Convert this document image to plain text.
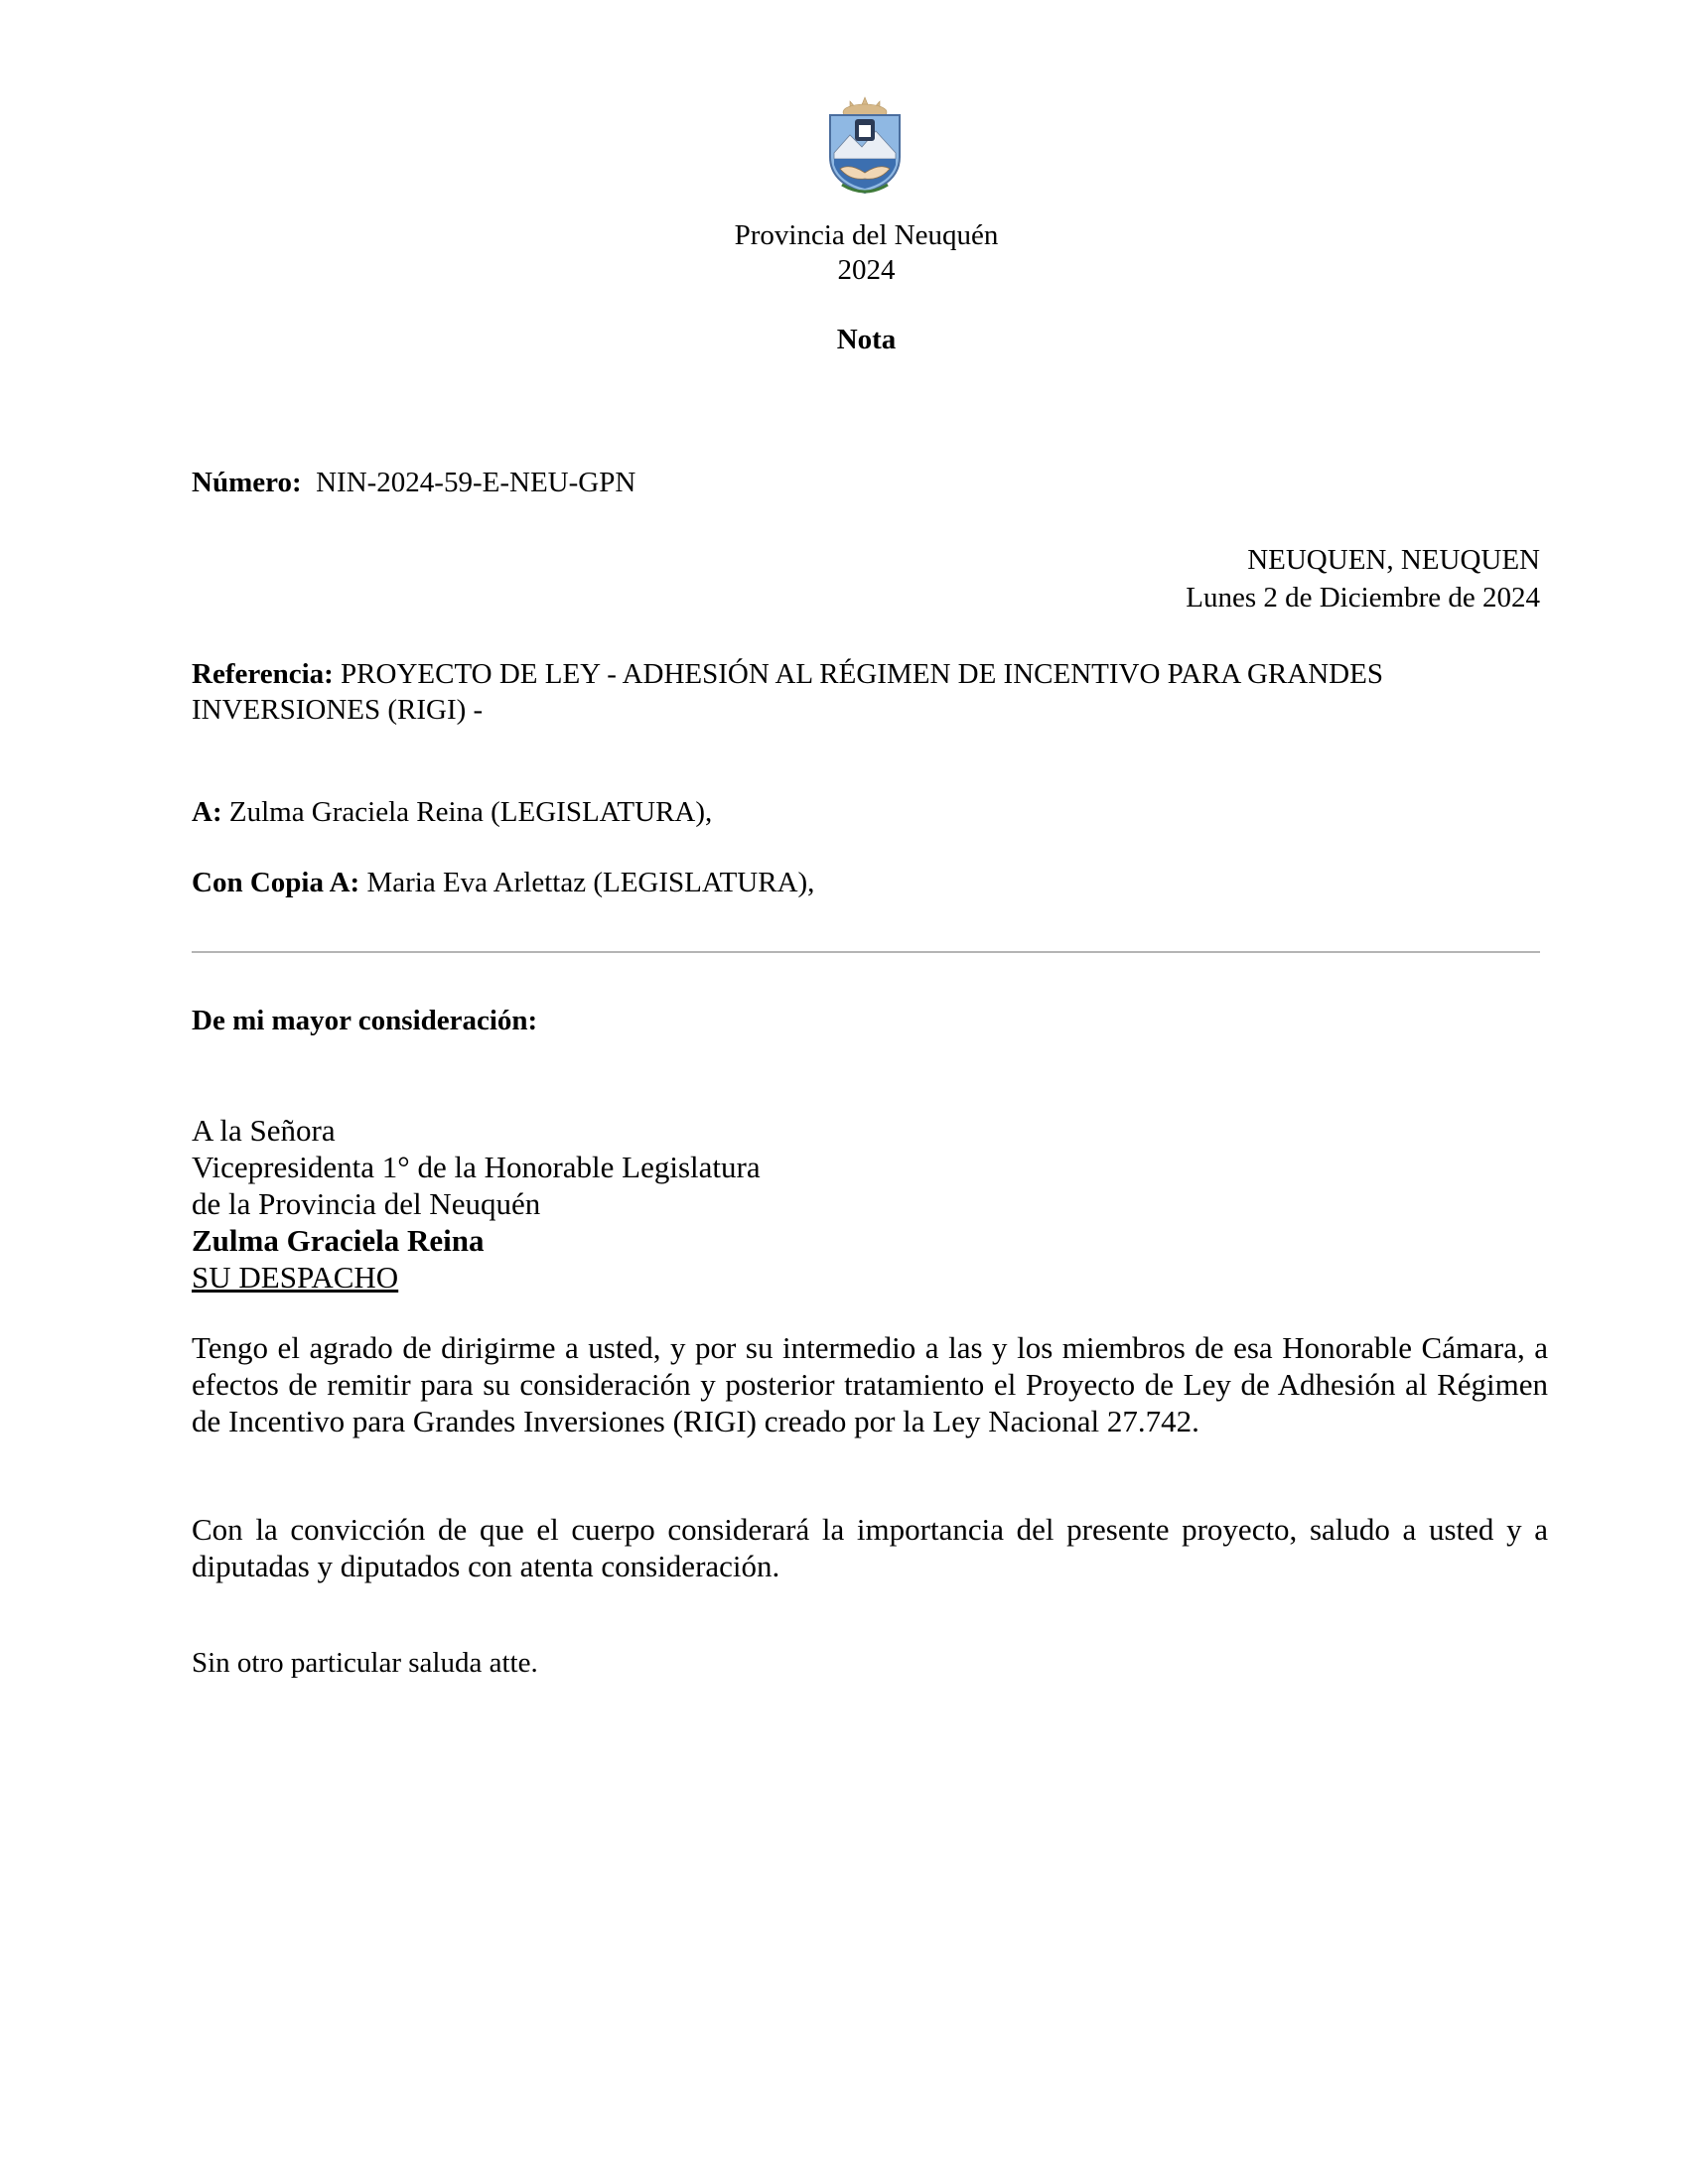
Provincia del Neuquén
2024
Nota
Número: NIN-2024-59-E-NEU-GPN
NEUQUEN, NEUQUEN
Lunes 2 de Diciembre de 2024
Referencia: PROYECTO DE LEY - ADHESIÓN AL RÉGIMEN DE INCENTIVO PARA GRANDES INVERSIONES (RIGI) -
A: Zulma Graciela Reina (LEGISLATURA),
Con Copia A: Maria Eva Arlettaz (LEGISLATURA),
De mi mayor consideración:
A la Señora
Vicepresidenta 1° de la Honorable Legislatura
de la Provincia del Neuquén
Zulma Graciela Reina
SU DESPACHO
Tengo el agrado de dirigirme a usted, y por su intermedio a las y los miembros de esa Honorable Cámara, a efectos de remitir para su consideración y posterior tratamiento el Proyecto de Ley de Adhesión al Régimen de Incentivo para Grandes Inversiones (RIGI) creado por la Ley Nacional 27.742.
Con la convicción de que el cuerpo considerará la importancia del presente proyecto, saludo a usted y a diputadas y diputados con atenta consideración.
Sin otro particular saluda atte.
